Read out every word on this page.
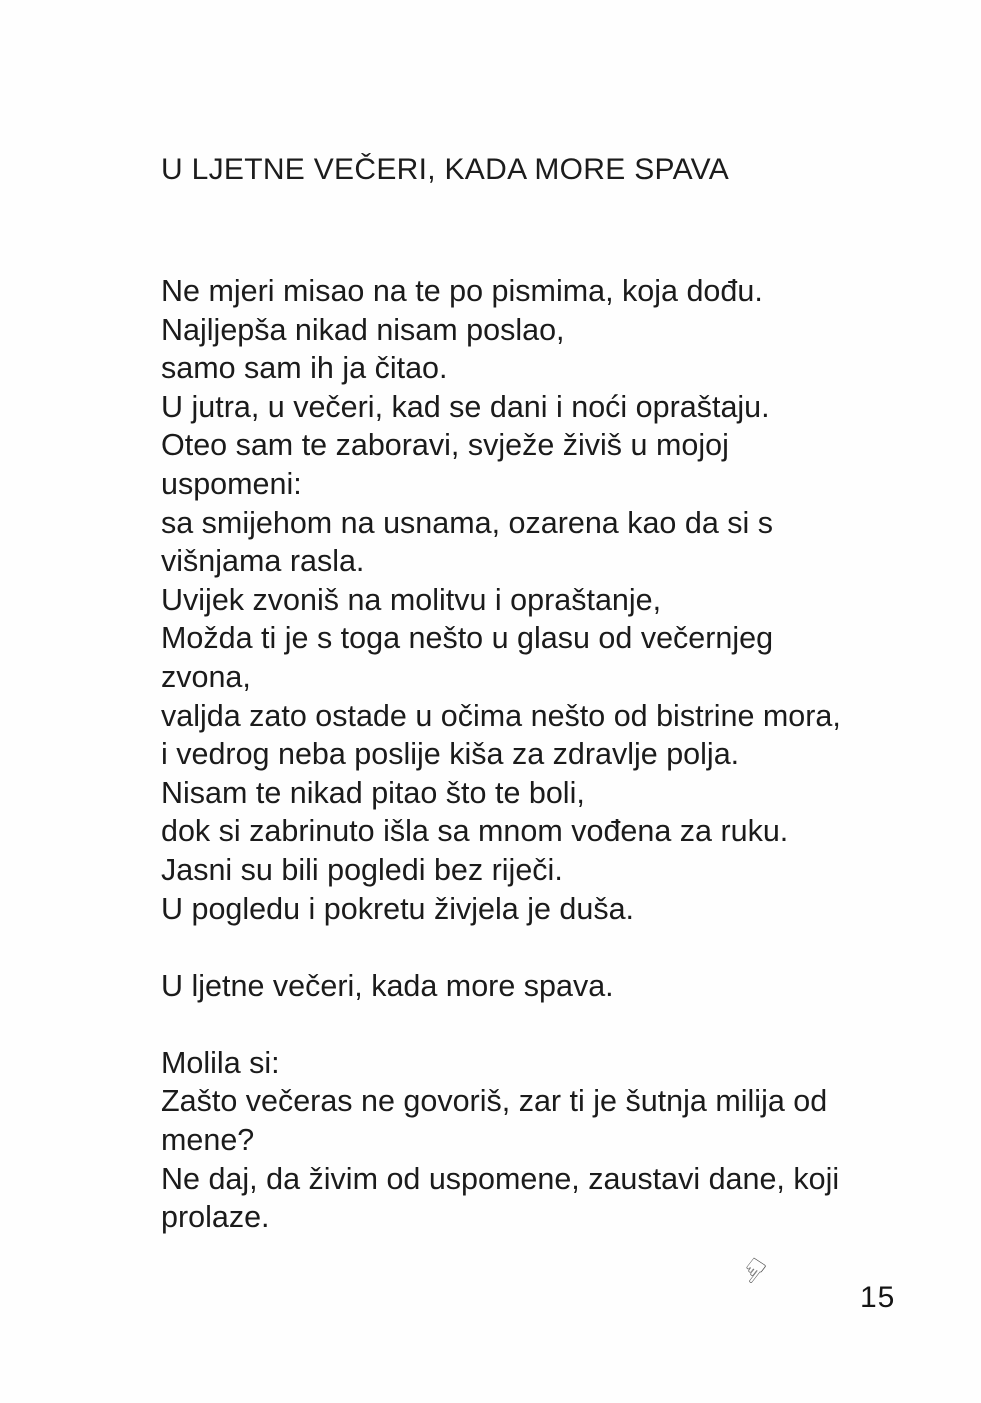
U LJETNE VEČERI, KADA MORE SPAVA
Ne mjeri misao na te po pismima, koja dođu.
Najljepša nikad nisam poslao,
samo sam ih ja čitao.
U jutra, u večeri, kad se dani i noći opraštaju.
Oteo sam te zaboravi, svježe živiš u mojoj
uspomeni:
sa smijehom na usnama, ozarena kao da si s
višnjama rasla.
Uvijek zvoniš na molitvu i opraštanje,
Možda ti je s toga nešto u glasu od večernjeg
zvona,
valjda zato ostade u očima nešto od bistrine mora,
i vedrog neba poslije kiša za zdravlje polja.
Nisam te nikad pitao što te boli,
dok si zabrinuto išla sa mnom vođena za ruku.
Jasni su bili pogledi bez riječi.
U pogledu i pokretu živjela je duša.
U ljetne večeri, kada more spava.
Molila si:
Zašto večeras ne govoriš, zar ti je šutnja milija od
mene?
Ne daj, da živim od uspomene, zaustavi dane, koji
prolaze.
☞
15
